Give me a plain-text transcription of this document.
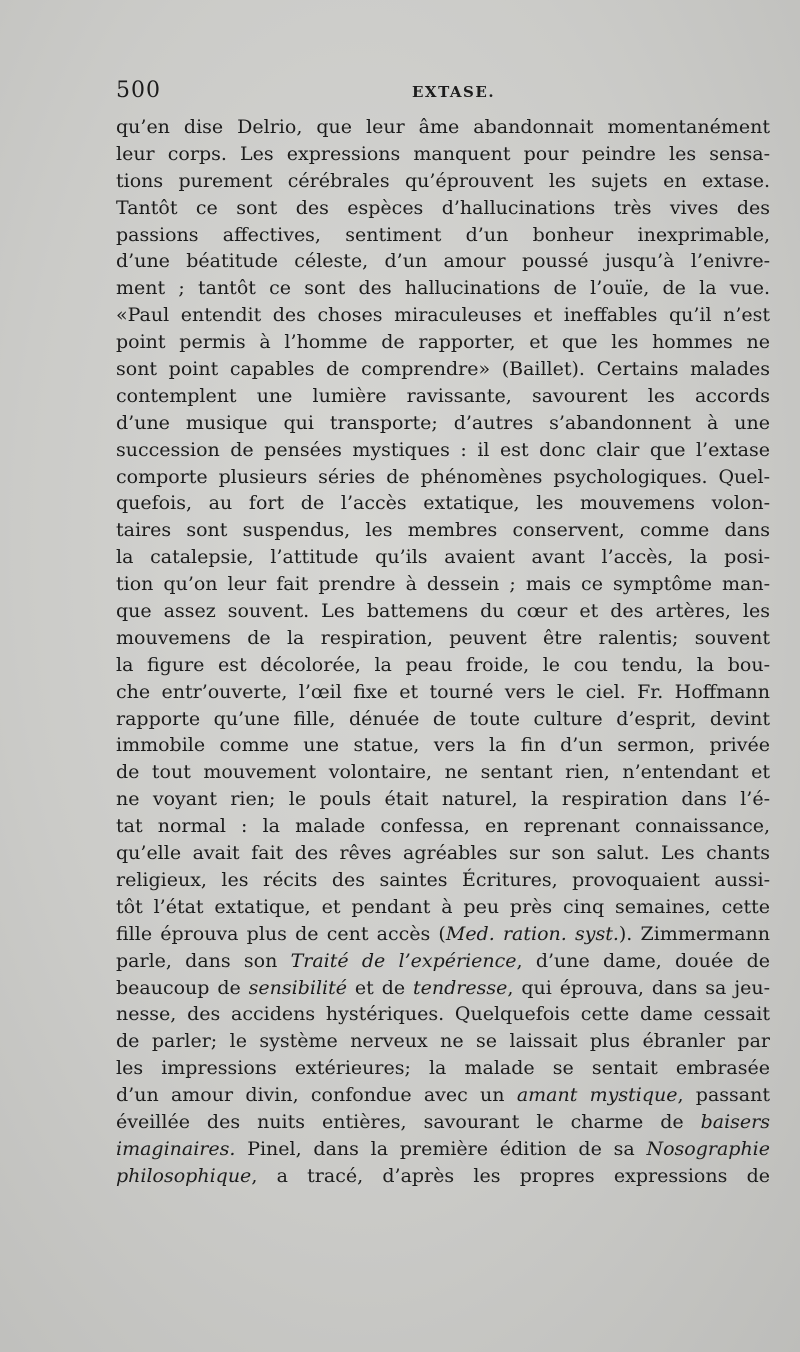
500	EXTASE.
qu’en dise Delrio, que leur âme abandonnait momentanément
leur corps. Les expressions manquent pour peindre les sensa-
tions purement cérébrales qu’éprouvent les sujets en extase.
Tantôt ce sont des espèces d’hallucinations très vives des
passions affectives, sentiment d’un bonheur inexprimable,
d’une béatitude céleste, d’un amour poussé jusqu’à l’enivre-
ment ; tantôt ce sont des hallucinations de l’ouïe, de la vue.
«Paul entendit des choses miraculeuses et ineffables qu’il n’est
point permis à l’homme de rapporter, et que les hommes ne
sont point capables de comprendre» (Baillet). Certains malades
contemplent une lumière ravissante, savourent les accords
d’une musique qui transporte; d’autres s’abandonnent à une
succession de pensées mystiques : il est donc clair que l’extase
comporte plusieurs séries de phénomènes psychologiques. Quel-
quefois, au fort de l’accès extatique, les mouvemens volon-
taires sont suspendus, les membres conservent, comme dans
la catalepsie, l’attitude qu’ils avaient avant l’accès, la posi-
tion qu’on leur fait prendre à dessein ; mais ce symptôme man-
que assez souvent. Les battemens du cœur et des artères, les
mouvemens de la respiration, peuvent être ralentis; souvent
la figure est décolorée, la peau froide, le cou tendu, la bou-
che entr’ouverte, l’œil fixe et tourné vers le ciel. Fr. Hoffmann
rapporte qu’une fille, dénuée de toute culture d’esprit, devint
immobile comme une statue, vers la fin d’un sermon, privée
de tout mouvement volontaire, ne sentant rien, n’entendant et
ne voyant rien; le pouls était naturel, la respiration dans l’é-
tat normal : la malade confessa, en reprenant connaissance,
qu’elle avait fait des rêves agréables sur son salut. Les chants
religieux, les récits des saintes Écritures, provoquaient aussi-
tôt l’état extatique, et pendant à peu près cinq semaines, cette
fille éprouva plus de cent accès (Med. ration. syst.). Zimmermann
parle, dans son Traité de l’expérience, d’une dame, douée de
beaucoup de sensibilité et de tendresse, qui éprouva, dans sa jeu-
nesse, des accidens hystériques. Quelquefois cette dame cessait
de parler; le système nerveux ne se laissait plus ébranler par
les impressions extérieures; la malade se sentait embrasée
d’un amour divin, confondue avec un amant mystique, passant
éveillée des nuits entières, savourant le charme de baisers
imaginaires. Pinel, dans la première édition de sa Nosographie
philosophique, a tracé, d’après les propres expressions de
